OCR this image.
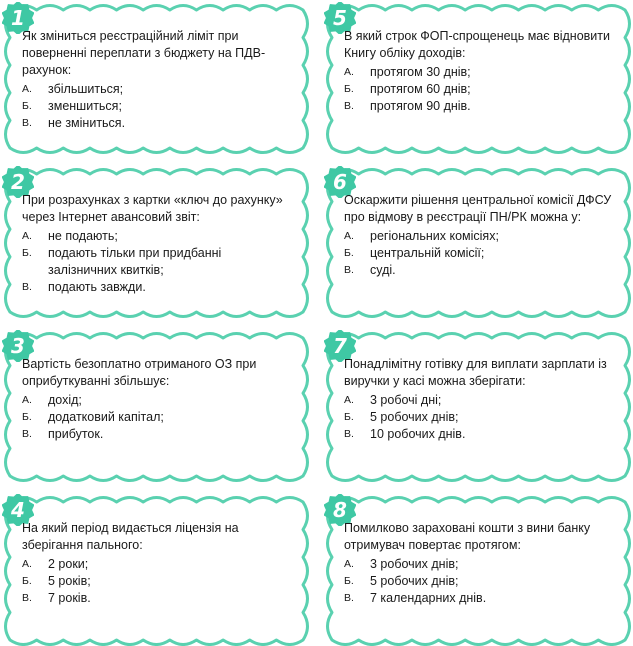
1
Як зміниться реєстраційний ліміт при поверненні переплати з бюджету на ПДВ-рахунок:
А.	збільшиться;
Б.	зменшиться;
В.	не зміниться.
2
При розрахунках з картки «ключ до рахунку» через Інтернет авансовий звіт:
А.	не подають;
Б.	подають тільки при придбанні залізничних квитків;
В.	подають завжди.
3
Вартість безоплатно отриманого ОЗ при оприбуткуванні збільшує:
А.	дохід;
Б.	додатковий капітал;
В.	прибуток.
4
На який період видається ліцензія на зберігання пального:
А.	2 роки;
Б.	5 років;
В.	7 років.
5
В який строк ФОП-спрощенець має відновити Книгу обліку доходів:
А.	протягом 30 днів;
Б.	протягом 60 днів;
В.	протягом 90 днів.
6
Оскаржити рішення центральної комісії ДФСУ про відмову в реєстрації ПН/РК можна у:
А.	регіональних комісіях;
Б.	центральній комісії;
В.	суді.
7
Понадлімітну готівку для виплати зарплати із виручки у касі можна зберігати:
А.	3 робочі дні;
Б.	5 робочих днів;
В.	10 робочих днів.
8
Помилково зараховані кошти з вини банку отримувач повертає протягом:
А.	3 робочих днів;
Б.	5 робочих днів;
В.	7 календарних днів.
